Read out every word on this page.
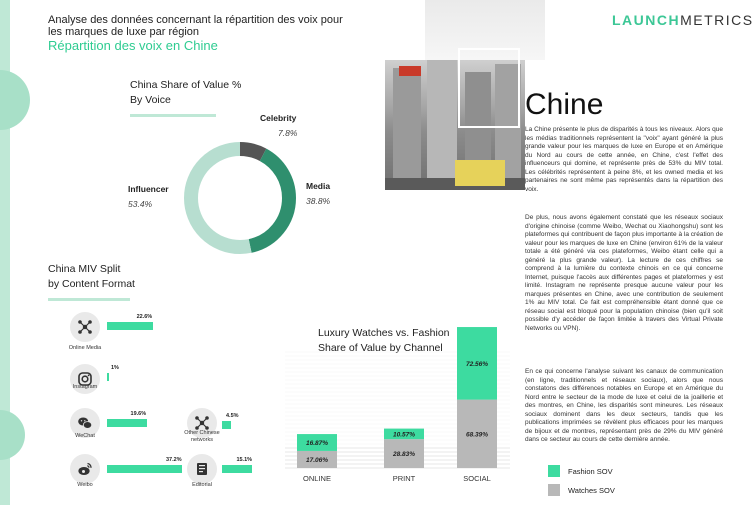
Analyse des données concernant la répartition des voix pour les marques de luxe par région
Répartition des voix en Chine
LAUNCHMETRICS
Chine
La Chine présente le plus de disparités à tous les niveaux. Alors que les médias traditionnels représentent la "voix" ayant généré la plus grande valeur pour les marques de luxe en Europe et en Amérique du Nord au cours de cette année, en Chine, c'est l'effet des influenceurs qui domine, et représente près de 53% du MIV total. Les célébrités représentent à peine 8%, et les owned media et les partenaires ne sont même pas représentés dans la répartition des voix.
De plus, nous avons également constaté que les réseaux sociaux d'origine chinoise (comme Weibo, Wechat ou Xiaohongshu) sont les plateformes qui contribuent de façon plus importante à la création de valeur pour les marques de luxe en Chine (environ 61% de la valeur totale a été généré via ces plateformes, Weibo étant celle qui a généré la plus grande valeur). La lecture de ces chiffres se comprend à la lumière du contexte chinois en ce qui concerne Internet, puisque l'accès aux différentes pages et plateformes y est limité. Instagram ne représente presque aucune valeur pour les marques présentes en Chine, avec une contribution de seulement 1% au MIV total. Ce fait est compréhensible étant donné que ce réseau social est bloqué pour la population chinoise (bien qu'il soit possible d'y accéder de façon limitée à travers des Virtual Private Networks ou VPN).
En ce qui concerne l'analyse suivant les canaux de communication (en ligne, traditionnels et réseaux sociaux), alors que nous constatons des différences notables en Europe et en Amérique du Nord entre le secteur de la mode de luxe et celui de la joaillerie et des montres, en Chine, les disparités sont mineures. Les réseaux sociaux dominent dans les deux secteurs, tandis que les publications imprimées se révèlent plus efficaces pour les marques de bijoux et de montres, représentant près de 29% du MIV généré dans ce secteur au cours de cette dernière année.
China Share of Value %
By Voice
Celebrity
7.8%
Media
38.8%
Influencer
53.4%
China MIV Split
by Content Format
Online Media
22.6%
Instagram
1%
WeChat
19.6%
Other Chinese networks
4.5%
Weibo
37.2%
Editorial
15.1%
Luxury Watches vs. Fashion
Share of Value by Channel
17.06%
16.87%
ONLINE
28.83%
10.57%
PRINT
68.39%
72.56%
SOCIAL
Fashion SOV
Watches SOV
